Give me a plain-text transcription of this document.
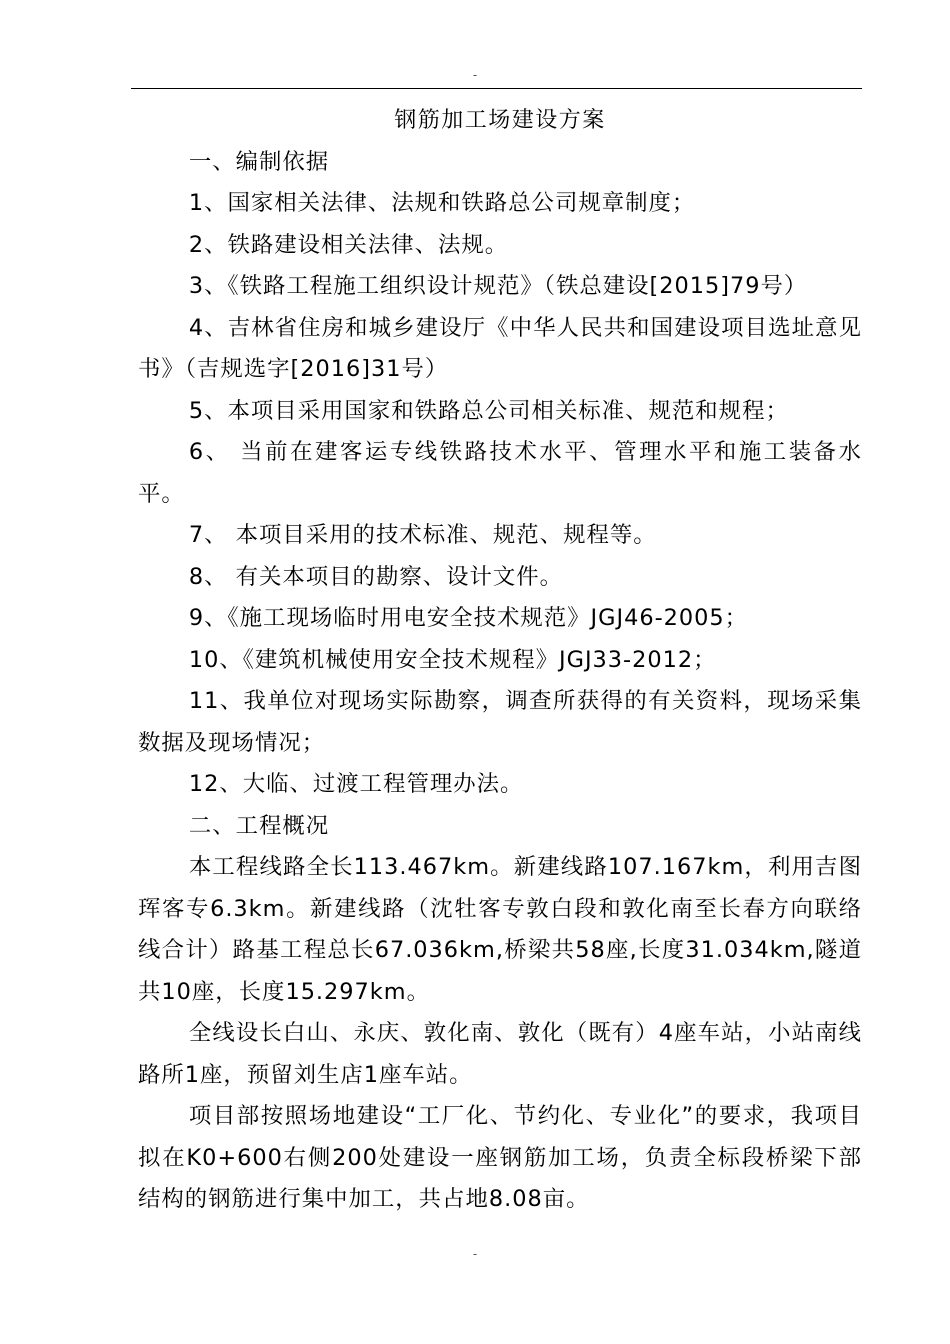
-
钢筋加工场建设方案

一、编制依据

1、国家相关法律、法规和铁路总公司规章制度；

2、铁路建设相关法律、法规。

3、《铁路工程施工组织设计规范》（铁总建设[2015]79号）

4、吉林省住房和城乡建设厅《中华人民共和国建设项目选址意见书》（吉规选字[2016]31号）

5、本项目采用国家和铁路总公司相关标准、规范和规程；

6、 当前在建客运专线铁路技术水平、管理水平和施工装备水平。

7、 本项目采用的技术标准、规范、规程等。

8、 有关本项目的勘察、设计文件。

9、《施工现场临时用电安全技术规范》JGJ46-2005；

10、《建筑机械使用安全技术规程》JGJ33-2012；

11、我单位对现场实际勘察，调查所获得的有关资料，现场采集数据及现场情况；

12、大临、过渡工程管理办法。

二、工程概况

本工程线路全长113.467km。新建线路107.167km，利用吉图珲客专6.3km。新建线路（沈牡客专敦白段和敦化南至长春方向联络线合计）路基工程总长67.036km,桥梁共58座,长度31.034km,隧道共10座，长度15.297km。

全线设长白山、永庆、敦化南、敦化（既有）4座车站，小站南线路所1座，预留刘生店1座车站。

项目部按照场地建设“工厂化、节约化、专业化”的要求，我项目拟在K0+600右侧200处建设一座钢筋加工场，负责全标段桥梁下部结构的钢筋进行集中加工，共占地8.08亩。

-
